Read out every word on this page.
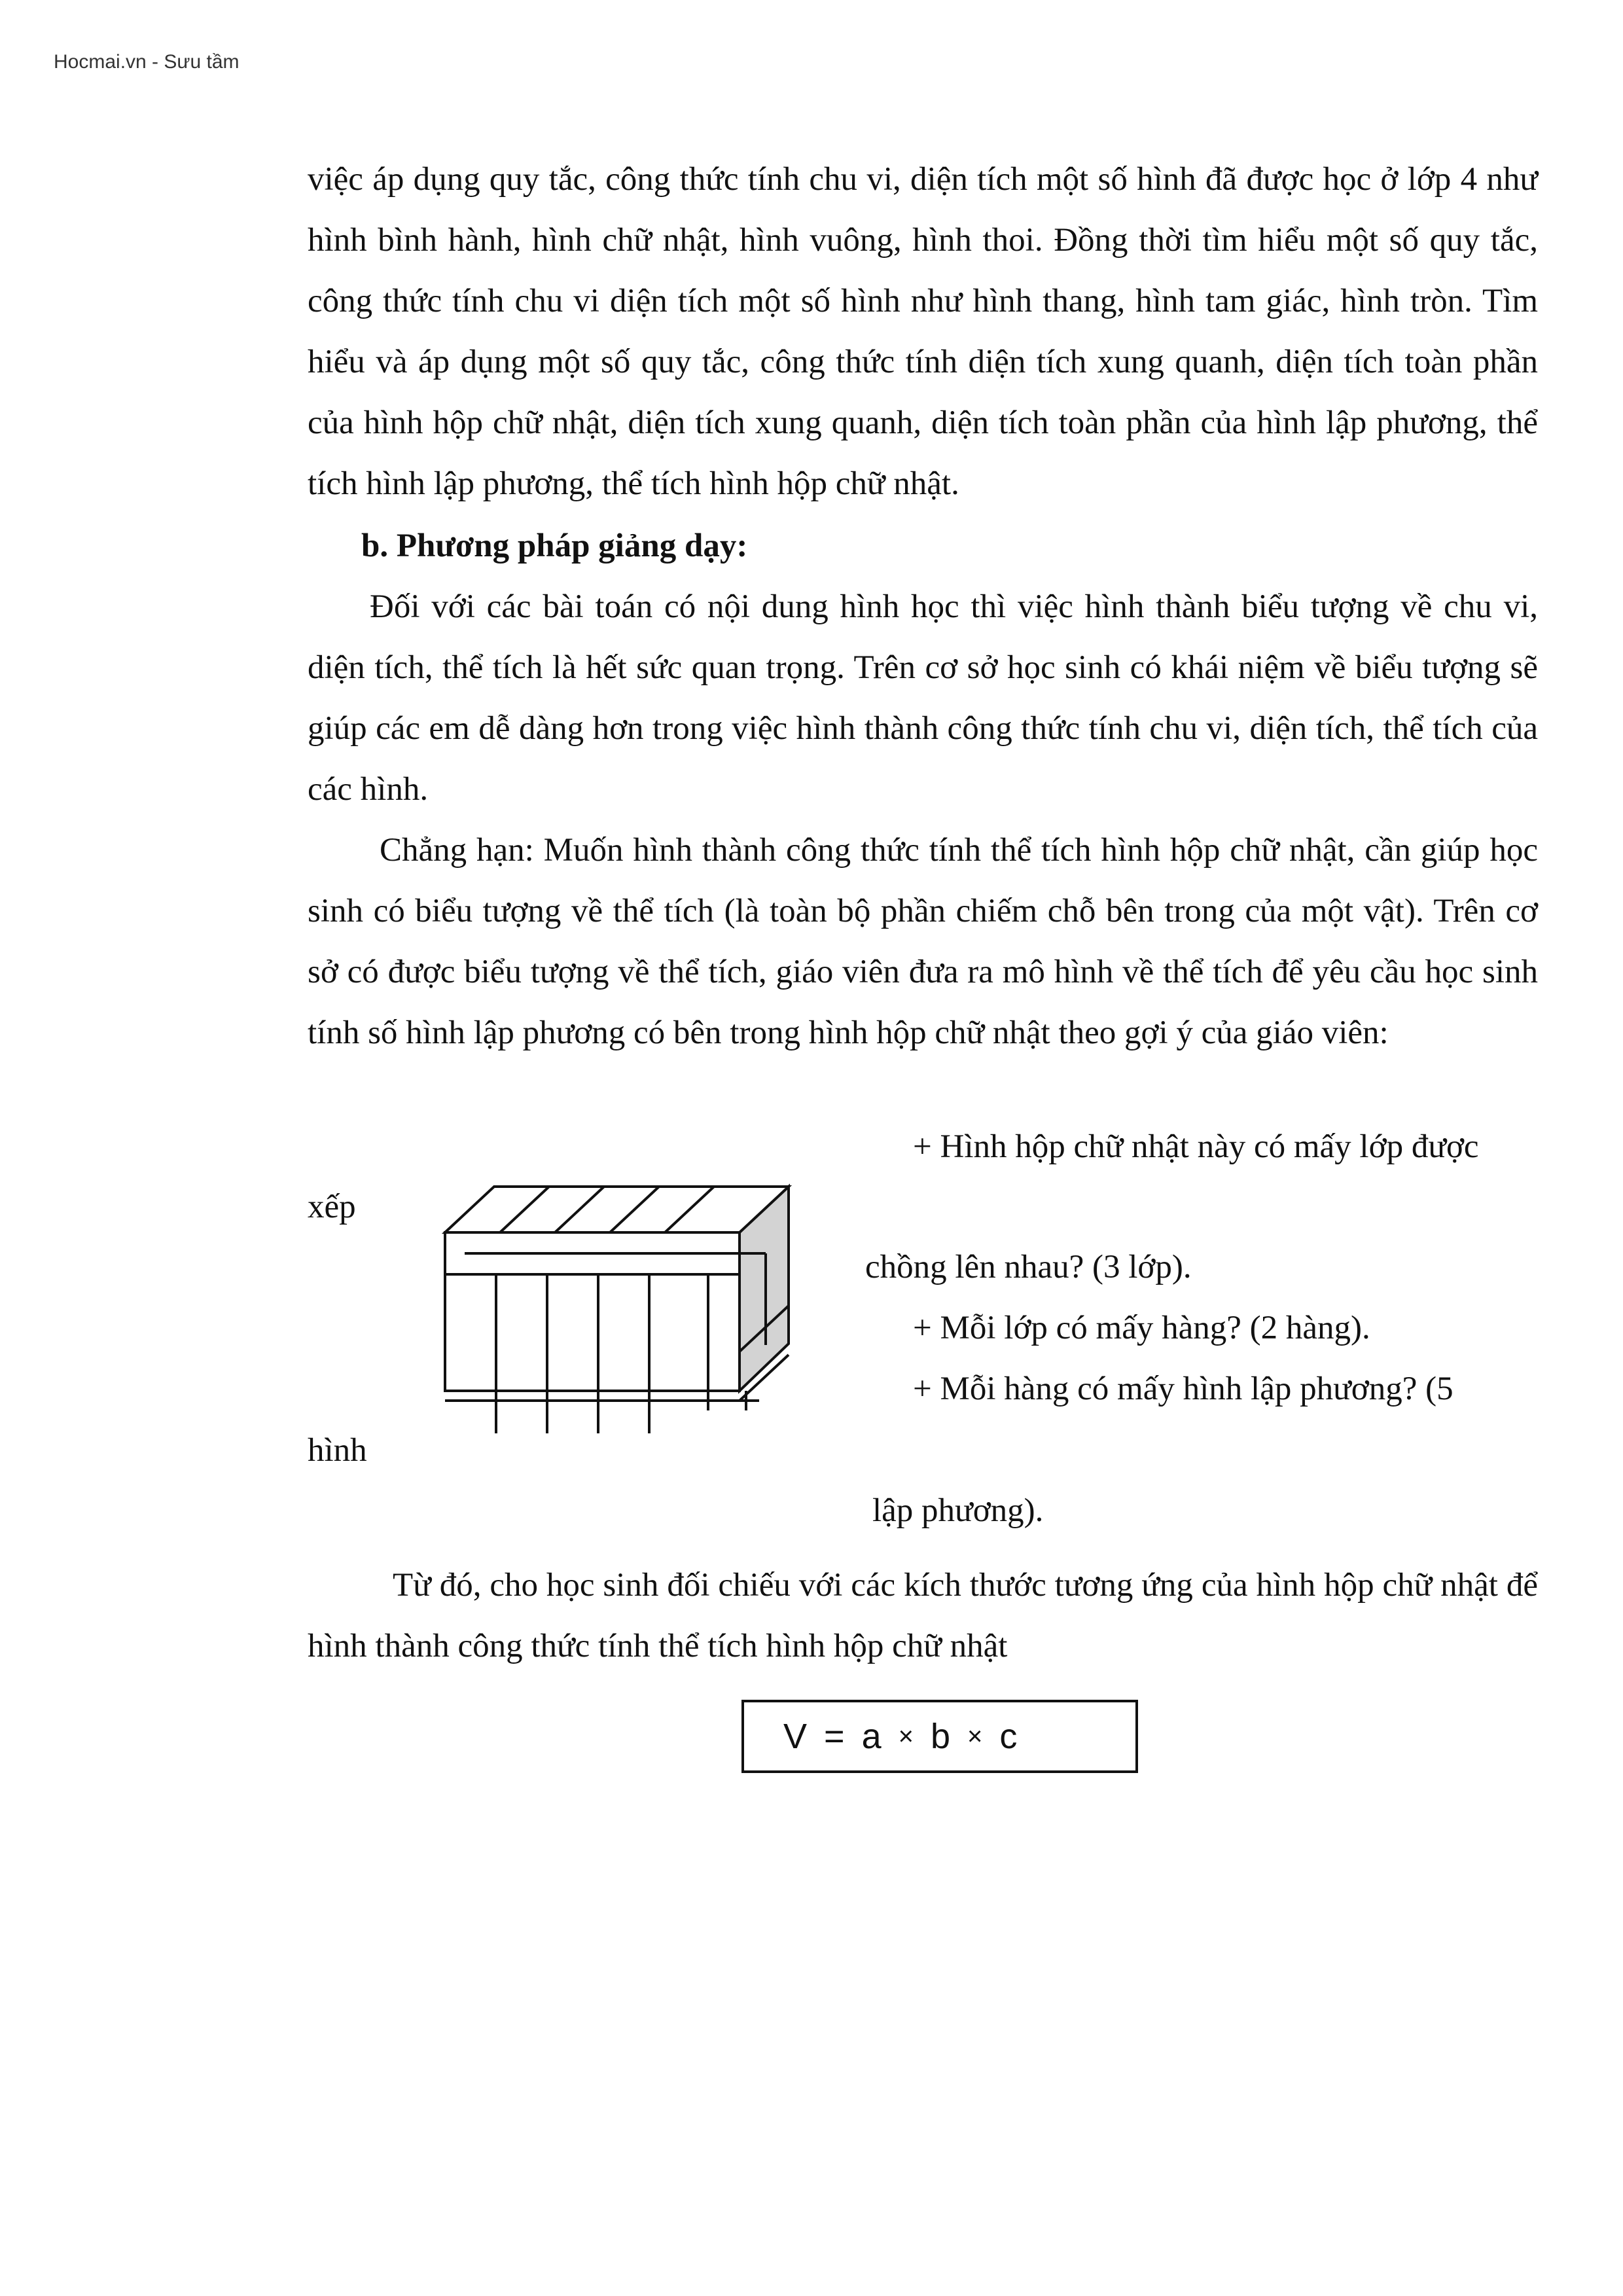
Hocmai.vn - Sưu tầm

việc áp dụng quy tắc, công thức tính chu vi, diện tích một số hình đã được học ở lớp 4 như hình bình hành, hình chữ nhật, hình vuông, hình thoi. Đồng thời tìm hiểu một số quy tắc, công thức tính chu vi diện tích một số hình như hình thang, hình tam giác, hình tròn. Tìm hiểu và áp dụng một số quy tắc, công thức tính diện tích xung quanh, diện tích toàn phần của hình hộp chữ nhật, diện tích xung quanh, diện tích toàn phần của hình lập phương, thể tích hình lập phương, thể tích hình hộp chữ nhật.

b. Phương pháp giảng dạy:

Đối với các bài toán có nội dung hình học thì việc hình thành biểu tượng về chu vi, diện tích, thể tích là hết sức quan trọng. Trên cơ sở học sinh có khái niệm về biểu tượng sẽ giúp các em dễ dàng hơn trong việc hình thành công thức tính chu vi, diện tích, thể tích của các hình.

Chẳng hạn: Muốn hình thành công thức tính thể tích hình hộp chữ nhật, cần giúp học sinh có biểu tượng về thể tích (là toàn bộ phần chiếm chỗ bên trong của một vật). Trên cơ sở có được biểu tượng về thể tích, giáo viên đưa ra mô hình về thể tích để yêu cầu học sinh tính số hình lập phương có bên trong hình hộp chữ nhật theo gợi ý của giáo viên:

+ Hình hộp chữ nhật này có mấy lớp được
xếp
chồng lên nhau? (3 lớp).
+ Mỗi lớp có mấy hàng? (2 hàng).
+ Mỗi hàng có mấy hình lập phương? (5
hình
lập phương).

Từ đó, cho học sinh đối chiếu với các kích thước tương ứng của hình hộp chữ nhật để hình thành công thức tính thể tích hình hộp chữ nhật

V = a × b × c
